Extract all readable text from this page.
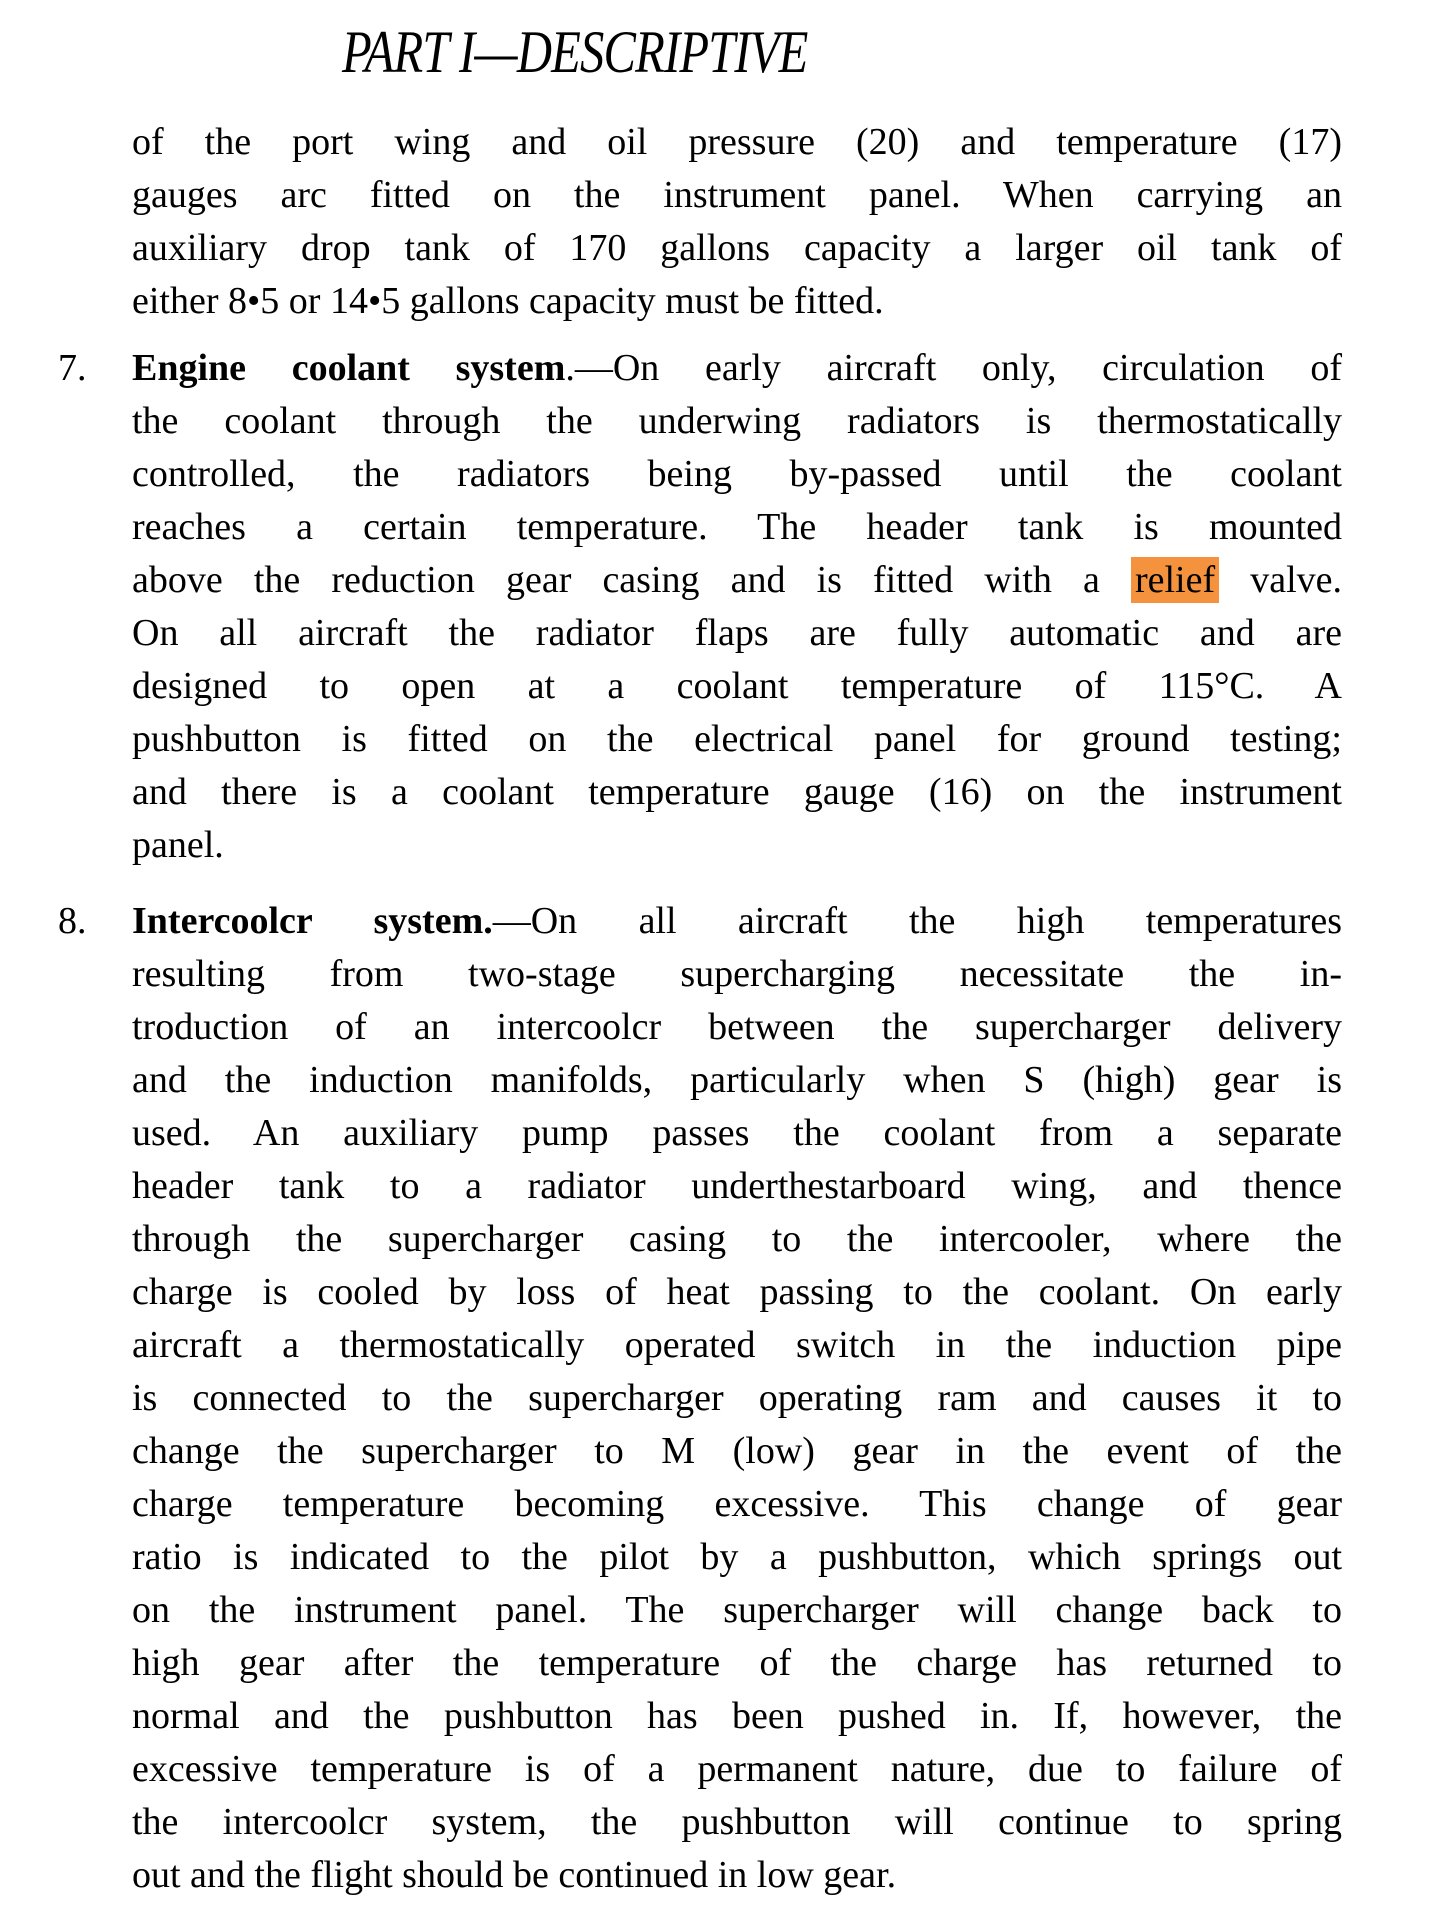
PART I—DESCRIPTIVE
of the port wing and oil pressure (20) and temperature (17)
gauges arc fitted on the instrument panel. When carrying an
auxiliary drop tank of 170 gallons capacity a larger oil tank of
either 8•5 or 14•5 gallons capacity must be fitted.
7. Engine coolant system.—On early aircraft only, circulation of
the coolant through the underwing radiators is thermostatically
controlled, the radiators being by-passed until the coolant
reaches a certain temperature. The header tank is mounted
above the reduction gear casing and is fitted with a relief valve.
On all aircraft the radiator flaps are fully automatic and are
designed to open at a coolant temperature of 115°C. A
pushbutton is fitted on the electrical panel for ground testing;
and there is a coolant temperature gauge (16) on the instrument
panel.
8. Intercoolcr system.—On all aircraft the high temperatures
resulting from two-stage supercharging necessitate the in-
troduction of an intercoolcr between the supercharger delivery
and the induction manifolds, particularly when S (high) gear is
used. An auxiliary pump passes the coolant from a separate
header tank to a radiator underthestarboard wing, and thence
through the supercharger casing to the intercooler, where the
charge is cooled by loss of heat passing to the coolant. On early
aircraft a thermostatically operated switch in the induction pipe
is connected to the supercharger operating ram and causes it to
change the supercharger to M (low) gear in the event of the
charge temperature becoming excessive. This change of gear
ratio is indicated to the pilot by a pushbutton, which springs out
on the instrument panel. The supercharger will change back to
high gear after the temperature of the charge has returned to
normal and the pushbutton has been pushed in. If, however, the
excessive temperature is of a permanent nature, due to failure of
the intercoolcr system, the pushbutton will continue to spring
out and the flight should be continued in low gear.
